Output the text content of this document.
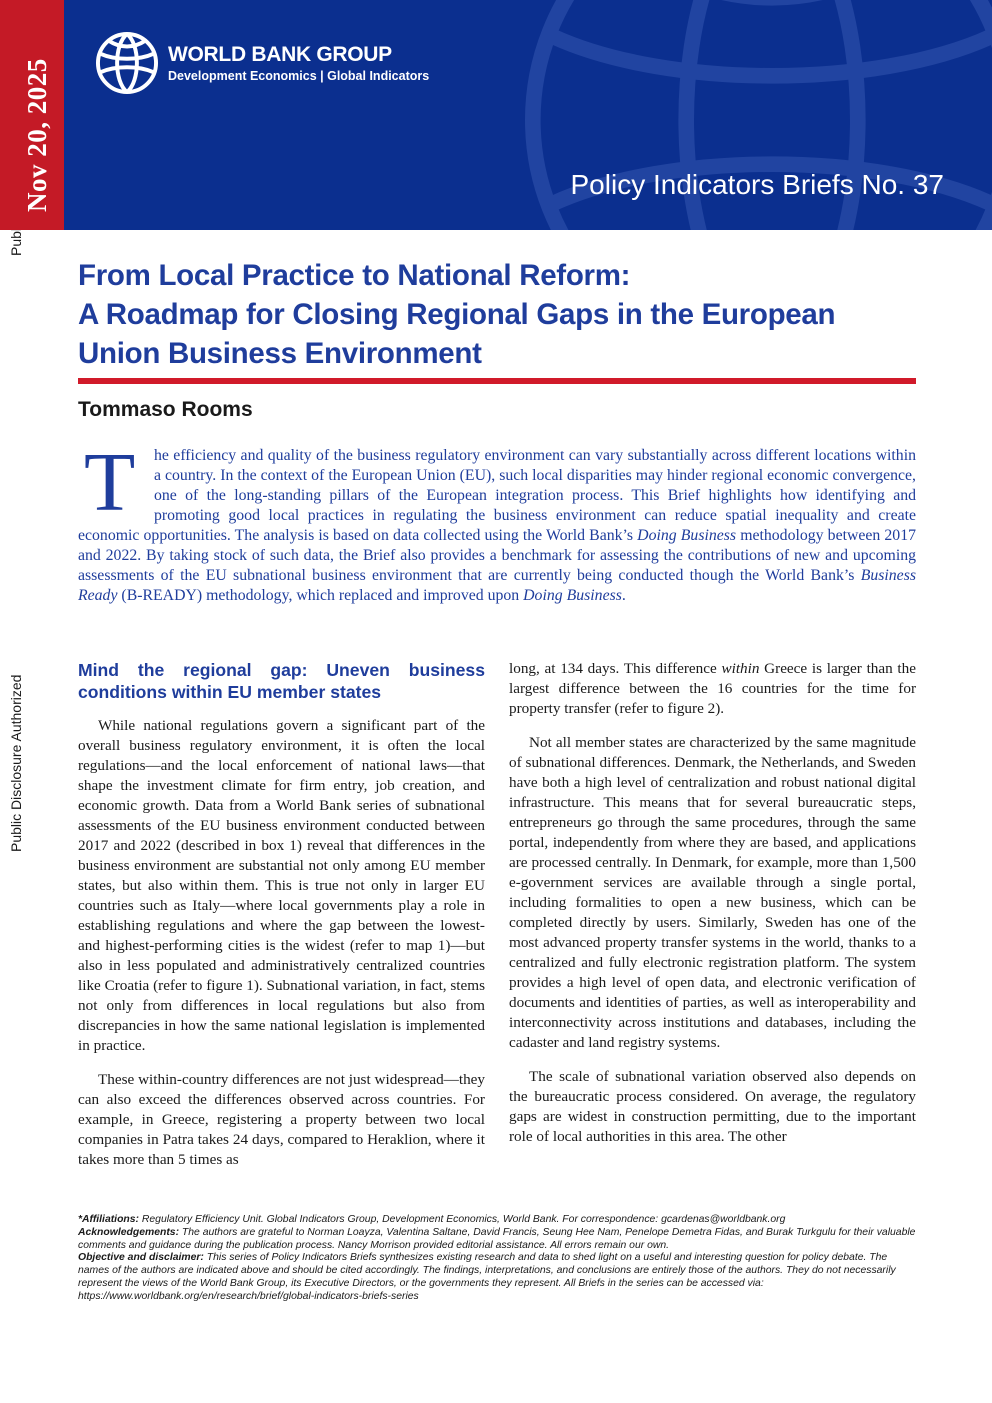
Public Disclosure Authorized
Nov 20, 2025
WORLD BANK GROUP
Development Economics | Global Indicators
Policy Indicators Briefs No. 37
From Local Practice to National Reform:
A Roadmap for Closing Regional Gaps in the European
Union Business Environment
Tommaso Rooms
T	he efficiency and quality of the business regulatory environment can vary substantially across different locations within a country. In the context of the European Union (EU), such local disparities may hinder regional economic convergence, one of the long-standing pillars of the European integration process. This Brief highlights how identifying and promoting good local practices in regulating the business environment can reduce spatial inequality and create economic opportunities. The analysis is based on data collected using the World Bank’s Doing Business methodology between 2017 and 2022. By taking stock of such data, the Brief also provides a benchmark for assessing the contributions of new and upcoming assessments of the EU subnational business environment that are currently being conducted though the World Bank’s Business Ready (B-READY) methodology, which replaced and improved upon Doing Business.

Mind the regional gap: Uneven business conditions within EU member states

While national regulations govern a significant part of the overall business regulatory environment, it is often the local regulations—and the local enforcement of national laws—that shape the investment climate for firm entry, job creation, and economic growth. Data from a World Bank series of subnational assessments of the EU business environment conducted between 2017 and 2022 (described in box 1) reveal that differences in the business environment are substantial not only among EU member states, but also within them. This is true not only in larger EU countries such as Italy—where local governments play a role in establishing regulations and where the gap between the lowest- and highest-performing cities is the widest (refer to map 1)—but also in less populated and administratively centralized countries like Croatia (refer to figure 1). Subnational variation, in fact, stems not only from differences in local regulations but also from discrepancies in how the same national legislation is implemented in practice.

These within-country differences are not just widespread—they can also exceed the differences observed across countries. For example, in Greece, registering a property between two local companies in Patra takes 24 days, compared to Heraklion, where it takes more than 5 times as

long, at 134 days. This difference within Greece is larger than the largest difference between the 16 countries for the time for property transfer (refer to figure 2).

Not all member states are characterized by the same magnitude of subnational differences. Denmark, the Netherlands, and Sweden have both a high level of centralization and robust national digital infrastructure. This means that for several bureaucratic steps, entrepreneurs go through the same procedures, through the same portal, independently from where they are based, and applications are processed centrally. In Denmark, for example, more than 1,500 e-government services are available through a single portal, including formalities to open a new business, which can be completed directly by users. Similarly, Sweden has one of the most advanced property transfer systems in the world, thanks to a centralized and fully electronic registration platform. The system provides a high level of open data, and electronic verification of documents and identities of parties, as well as interoperability and interconnectivity across institutions and databases, including the cadaster and land registry systems.

The scale of subnational variation observed also depends on the bureaucratic process considered. On average, the regulatory gaps are widest in construction permitting, due to the important role of local authorities in this area. The other

*Affiliations: Regulatory Efficiency Unit. Global Indicators Group, Development Economics, World Bank. For correspondence: gcardenas@worldbank.org
Acknowledgements: The authors are grateful to Norman Loayza, Valentina Saltane, David Francis, Seung Hee Nam, Penelope Demetra Fidas, and Burak Turkgulu for their valuable comments and guidance during the publication process. Nancy Morrison provided editorial assistance. All errors remain our own.
Objective and disclaimer: This series of Policy Indicators Briefs synthesizes existing research and data to shed light on a useful and interesting question for policy debate. The names of the authors are indicated above and should be cited accordingly. The findings, interpretations, and conclusions are entirely those of the authors. They do not necessarily represent the views of the World Bank Group, its Executive Directors, or the governments they represent. All Briefs in the series can be accessed via: https://www.worldbank.org/en/research/brief/global-indicators-briefs-series
